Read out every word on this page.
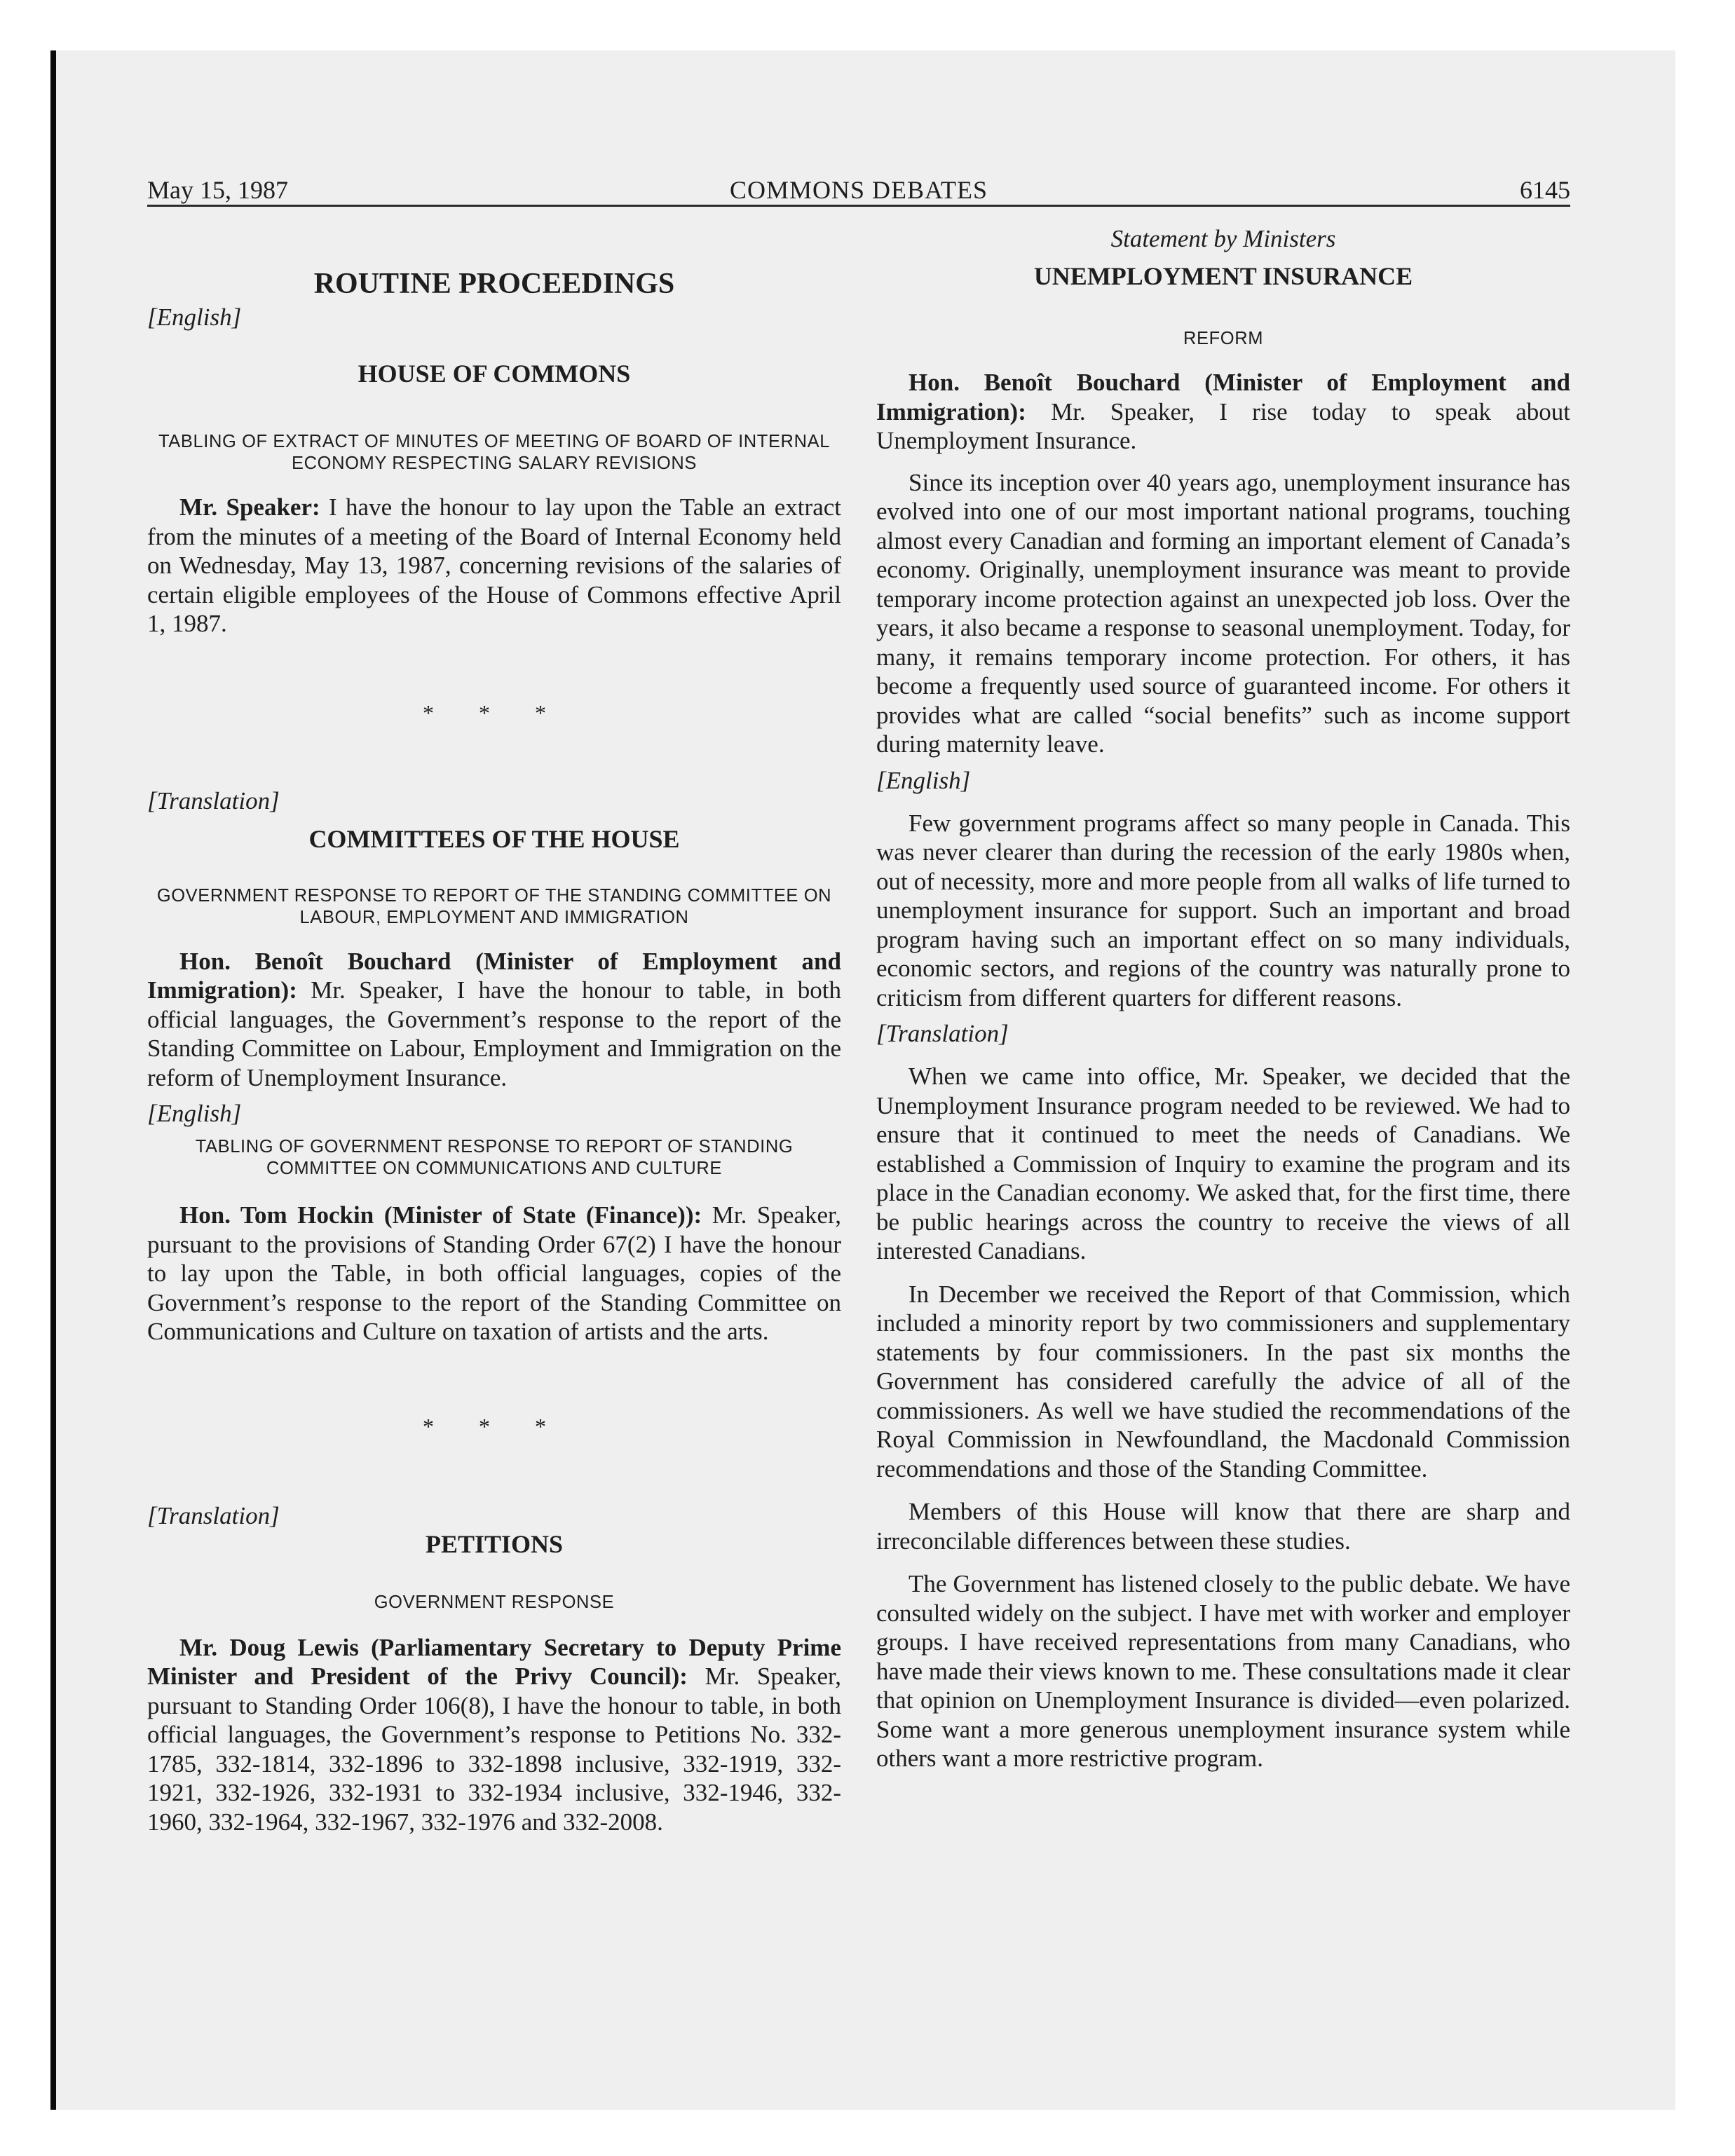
May 15, 1987	COMMONS DEBATES	6145
ROUTINE PROCEEDINGS
[English]
HOUSE OF COMMONS
TABLING OF EXTRACT OF MINUTES OF MEETING OF BOARD OF INTERNAL ECONOMY RESPECTING SALARY REVISIONS

Mr. Speaker: I have the honour to lay upon the Table an extract from the minutes of a meeting of the Board of Internal Economy held on Wednesday, May 13, 1987, concerning revisions of the salaries of certain eligible employees of the House of Commons effective April 1, 1987.

* * *
[Translation]
COMMITTEES OF THE HOUSE
GOVERNMENT RESPONSE TO REPORT OF THE STANDING COMMITTEE ON LABOUR, EMPLOYMENT AND IMMIGRATION

Hon. Benoît Bouchard (Minister of Employment and Immigration): Mr. Speaker, I have the honour to table, in both official languages, the Government’s response to the report of the Standing Committee on Labour, Employment and Immigration on the reform of Unemployment Insurance.

[English]
TABLING OF GOVERNMENT RESPONSE TO REPORT OF STANDING COMMITTEE ON COMMUNICATIONS AND CULTURE

Hon. Tom Hockin (Minister of State (Finance)): Mr. Speaker, pursuant to the provisions of Standing Order 67(2) I have the honour to lay upon the Table, in both official languages, copies of the Government’s response to the report of the Standing Committee on Communications and Culture on taxation of artists and the arts.

* * *
[Translation]
PETITIONS
GOVERNMENT RESPONSE

Mr. Doug Lewis (Parliamentary Secretary to Deputy Prime Minister and President of the Privy Council): Mr. Speaker, pursuant to Standing Order 106(8), I have the honour to table, in both official languages, the Government’s response to Petitions No. 332-1785, 332-1814, 332-1896 to 332-1898 inclusive, 332-1919, 332-1921, 332-1926, 332-1931 to 332-1934 inclusive, 332-1946, 332-1960, 332-1964, 332-1967, 332-1976 and 332-2008.

Statement by Ministers
UNEMPLOYMENT INSURANCE
REFORM

Hon. Benoît Bouchard (Minister of Employment and Immigration): Mr. Speaker, I rise today to speak about Unemployment Insurance.

Since its inception over 40 years ago, unemployment insurance has evolved into one of our most important national programs, touching almost every Canadian and forming an important element of Canada’s economy. Originally, unemployment insurance was meant to provide temporary income protection against an unexpected job loss. Over the years, it also became a response to seasonal unemployment. Today, for many, it remains temporary income protection. For others, it has become a frequently used source of guaranteed income. For others it provides what are called “social benefits” such as income support during maternity leave.

[English]

Few government programs affect so many people in Canada. This was never clearer than during the recession of the early 1980s when, out of necessity, more and more people from all walks of life turned to unemployment insurance for support. Such an important and broad program having such an important effect on so many individuals, economic sectors, and regions of the country was naturally prone to criticism from different quarters for different reasons.

[Translation]

When we came into office, Mr. Speaker, we decided that the Unemployment Insurance program needed to be reviewed. We had to ensure that it continued to meet the needs of Canadians. We established a Commission of Inquiry to examine the program and its place in the Canadian economy. We asked that, for the first time, there be public hearings across the country to receive the views of all interested Canadians.

In December we received the Report of that Commission, which included a minority report by two commissioners and supplementary statements by four commissioners. In the past six months the Government has considered carefully the advice of all of the commissioners. As well we have studied the recommendations of the Royal Commission in Newfoundland, the Macdonald Commission recommendations and those of the Standing Committee.

Members of this House will know that there are sharp and irreconcilable differences between these studies.

The Government has listened closely to the public debate. We have consulted widely on the subject. I have met with worker and employer groups. I have received representations from many Canadians, who have made their views known to me. These consultations made it clear that opinion on Unemployment Insurance is divided—even polarized. Some want a more generous unemployment insurance system while others want a more restrictive program.
